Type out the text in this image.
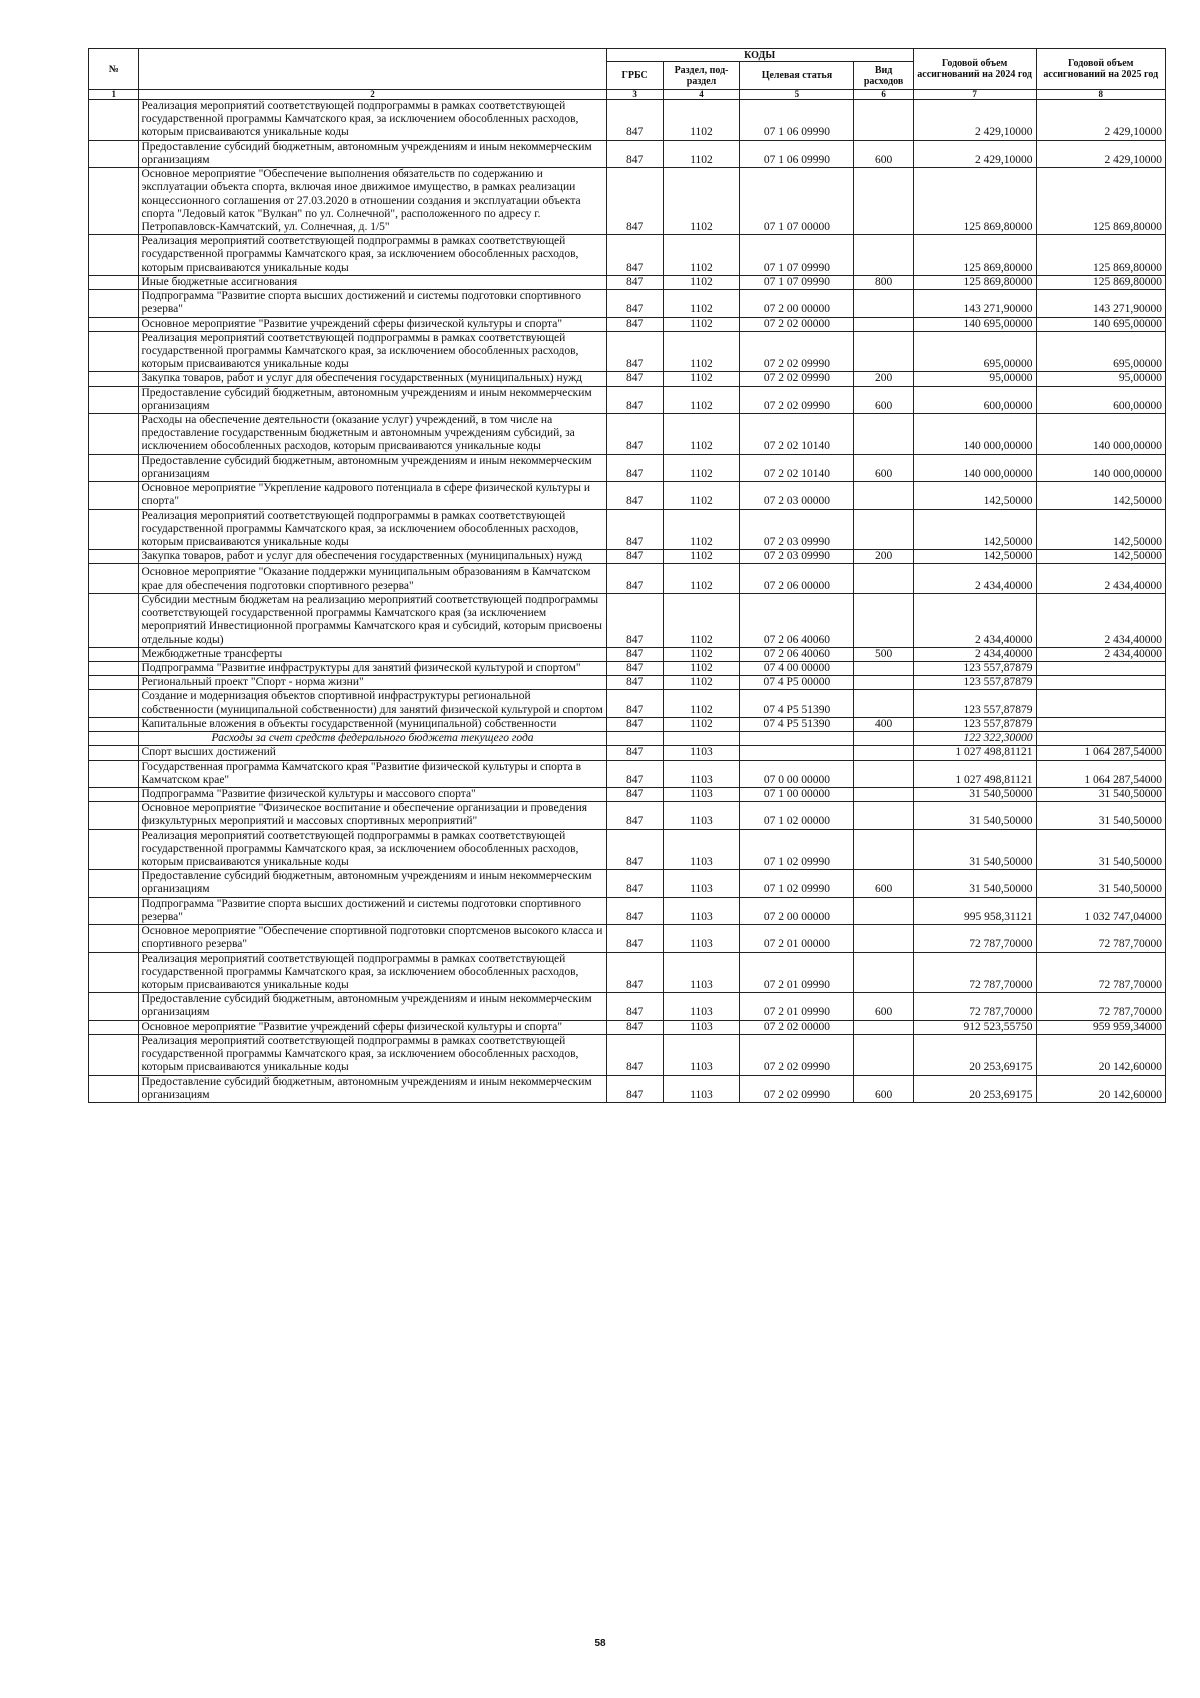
№		КОДЫ				Годовой объем ассигнований на 2024 год	Годовой объем ассигнований на 2025 год
		ГРБС	Раздел, под-раздел	Целевая статья	Вид расходов		
1	2	3	4	5	6	7	8
	Реализация мероприятий соответствующей подпрограммы в рамках соответствующей государственной программы Камчатского края, за исключением обособленных расходов, которым присваиваются уникальные коды	847	1102	07 1 06 09990		2 429,10000	2 429,10000
	Предоставление субсидий бюджетным, автономным учреждениям и иным некоммерческим организациям	847	1102	07 1 06 09990	600	2 429,10000	2 429,10000
	Основное мероприятие "Обеспечение выполнения обязательств по содержанию и эксплуатации объекта спорта, включая иное движимое имущество, в рамках реализации концессионного соглашения от 27.03.2020 в отношении создания и эксплуатации объекта спорта "Ледовый каток "Вулкан" по ул. Солнечной", расположенного по адресу г. Петропавловск-Камчатский, ул. Солнечная, д. 1/5"	847	1102	07 1 07 00000		125 869,80000	125 869,80000
	Реализация мероприятий соответствующей подпрограммы в рамках соответствующей государственной программы Камчатского края, за исключением обособленных расходов, которым присваиваются уникальные коды	847	1102	07 1 07 09990		125 869,80000	125 869,80000
	Иные бюджетные ассигнования	847	1102	07 1 07 09990	800	125 869,80000	125 869,80000
	Подпрограмма "Развитие спорта высших достижений и системы подготовки спортивного резерва"	847	1102	07 2 00 00000		143 271,90000	143 271,90000
	Основное мероприятие "Развитие учреждений сферы физической культуры и спорта"	847	1102	07 2 02 00000		140 695,00000	140 695,00000
	Реализация мероприятий соответствующей подпрограммы в рамках соответствующей государственной программы Камчатского края, за исключением обособленных расходов, которым присваиваются уникальные коды	847	1102	07 2 02 09990		695,00000	695,00000
	Закупка товаров, работ и услуг для обеспечения государственных (муниципальных) нужд	847	1102	07 2 02 09990	200	95,00000	95,00000
	Предоставление субсидий бюджетным, автономным учреждениям и иным некоммерческим организациям	847	1102	07 2 02 09990	600	600,00000	600,00000
	Расходы на обеспечение деятельности (оказание услуг) учреждений, в том числе на предоставление государственным бюджетным и автономным учреждениям субсидий, за исключением обособленных расходов, которым присваиваются уникальные коды	847	1102	07 2 02 10140		140 000,00000	140 000,00000
	Предоставление субсидий бюджетным, автономным учреждениям и иным некоммерческим организациям	847	1102	07 2 02 10140	600	140 000,00000	140 000,00000
	Основное мероприятие "Укрепление кадрового потенциала в сфере физической культуры и спорта"	847	1102	07 2 03 00000		142,50000	142,50000
	Реализация мероприятий соответствующей подпрограммы в рамках соответствующей государственной программы Камчатского края, за исключением обособленных расходов, которым присваиваются уникальные коды	847	1102	07 2 03 09990		142,50000	142,50000
	Закупка товаров, работ и услуг для обеспечения государственных (муниципальных) нужд	847	1102	07 2 03 09990	200	142,50000	142,50000
	Основное мероприятие "Оказание поддержки муниципальным образованиям в Камчатском крае для обеспечения подготовки спортивного резерва"	847	1102	07 2 06 00000		2 434,40000	2 434,40000
	Субсидии местным бюджетам на реализацию мероприятий соответствующей подпрограммы соответствующей государственной программы Камчатского края (за исключением мероприятий Инвестиционной программы Камчатского края и субсидий, которым присвоены отдельные коды)	847	1102	07 2 06 40060		2 434,40000	2 434,40000
	Межбюджетные трансферты	847	1102	07 2 06 40060	500	2 434,40000	2 434,40000
	Подпрограмма "Развитие инфраструктуры для занятий физической культурой и спортом"	847	1102	07 4 00 00000		123 557,87879	
	Региональный проект "Спорт - норма жизни"	847	1102	07 4 P5 00000		123 557,87879	
	Создание и модернизация объектов спортивной инфраструктуры региональной собственности (муниципальной собственности) для занятий физической культурой и спортом	847	1102	07 4 P5 51390		123 557,87879	
	Капитальные вложения в объекты государственной (муниципальной) собственности	847	1102	07 4 P5 51390	400	123 557,87879	
	Расходы за счет средств федерального бюджета текущего года					122 322,30000	
	Спорт высших достижений	847	1103			1 027 498,81121	1 064 287,54000
	Государственная программа Камчатского края "Развитие физической культуры и спорта в Камчатском крае"	847	1103	07 0 00 00000		1 027 498,81121	1 064 287,54000
	Подпрограмма "Развитие физической культуры и массового спорта"	847	1103	07 1 00 00000		31 540,50000	31 540,50000
	Основное мероприятие "Физическое воспитание и обеспечение организации и проведения физкультурных мероприятий и массовых спортивных мероприятий"	847	1103	07 1 02 00000		31 540,50000	31 540,50000
	Реализация мероприятий соответствующей подпрограммы в рамках соответствующей государственной программы Камчатского края, за исключением обособленных расходов, которым присваиваются уникальные коды	847	1103	07 1 02 09990		31 540,50000	31 540,50000
	Предоставление субсидий бюджетным, автономным учреждениям и иным некоммерческим организациям	847	1103	07 1 02 09990	600	31 540,50000	31 540,50000
	Подпрограмма "Развитие спорта высших достижений и системы подготовки спортивного резерва"	847	1103	07 2 00 00000		995 958,31121	1 032 747,04000
	Основное мероприятие "Обеспечение спортивной подготовки спортсменов высокого класса и спортивного резерва"	847	1103	07 2 01 00000		72 787,70000	72 787,70000
	Реализация мероприятий соответствующей подпрограммы в рамках соответствующей государственной программы Камчатского края, за исключением обособленных расходов, которым присваиваются уникальные коды	847	1103	07 2 01 09990		72 787,70000	72 787,70000
	Предоставление субсидий бюджетным, автономным учреждениям и иным некоммерческим организациям	847	1103	07 2 01 09990	600	72 787,70000	72 787,70000
	Основное мероприятие "Развитие учреждений сферы физической культуры и спорта"	847	1103	07 2 02 00000		912 523,55750	959 959,34000
	Реализация мероприятий соответствующей подпрограммы в рамках соответствующей государственной программы Камчатского края, за исключением обособленных расходов, которым присваиваются уникальные коды	847	1103	07 2 02 09990		20 253,69175	20 142,60000
	Предоставление субсидий бюджетным, автономным учреждениям и иным некоммерческим организациям	847	1103	07 2 02 09990	600	20 253,69175	20 142,60000
58
